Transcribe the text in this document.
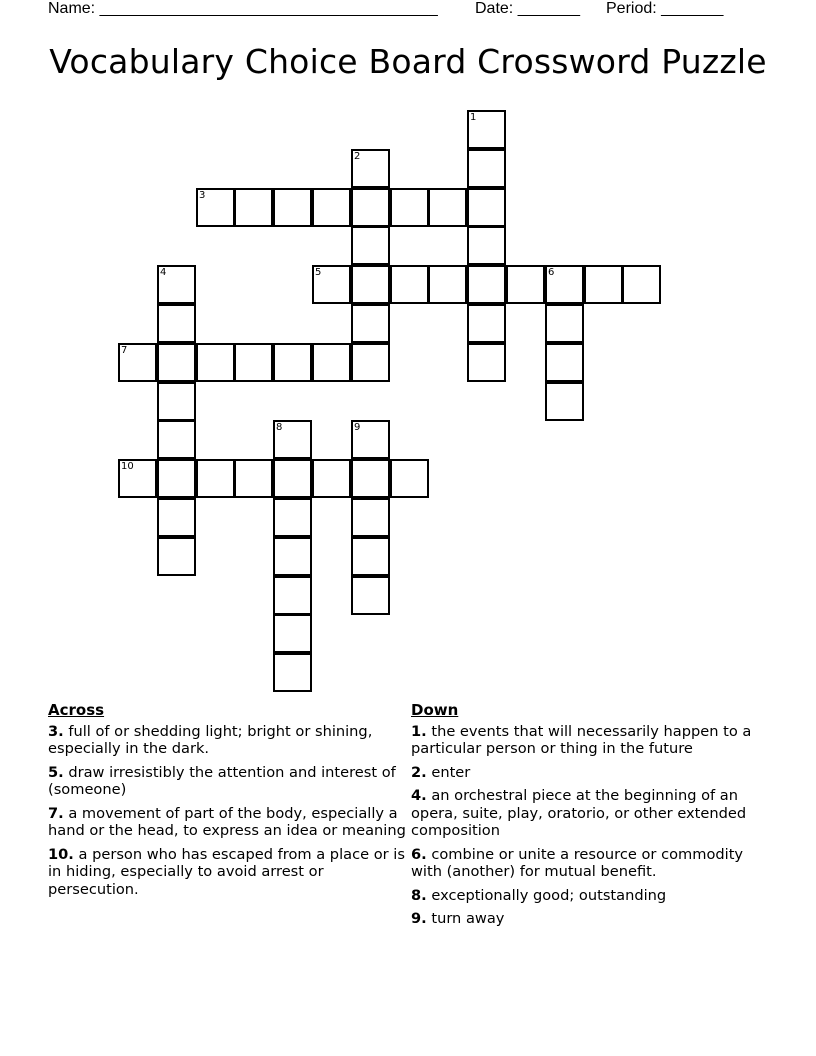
Name: ______________________________________ Date: _______ Period: _______
Vocabulary Choice Board Crossword Puzzle
1
2
3
4	5	6
7
8	9
10
Across
3. full of or shedding light; bright or shining, especially in the dark.
5. draw irresistibly the attention and interest of (someone)
7. a movement of part of the body, especially a hand or the head, to express an idea or meaning
10. a person who has escaped from a place or is in hiding, especially to avoid arrest or persecution.
Down
1. the events that will necessarily happen to a particular person or thing in the future
2. enter
4. an orchestral piece at the beginning of an opera, suite, play, oratorio, or other extended composition
6. combine or unite a resource or commodity with (another) for mutual benefit.
8. exceptionally good; outstanding
9. turn away
